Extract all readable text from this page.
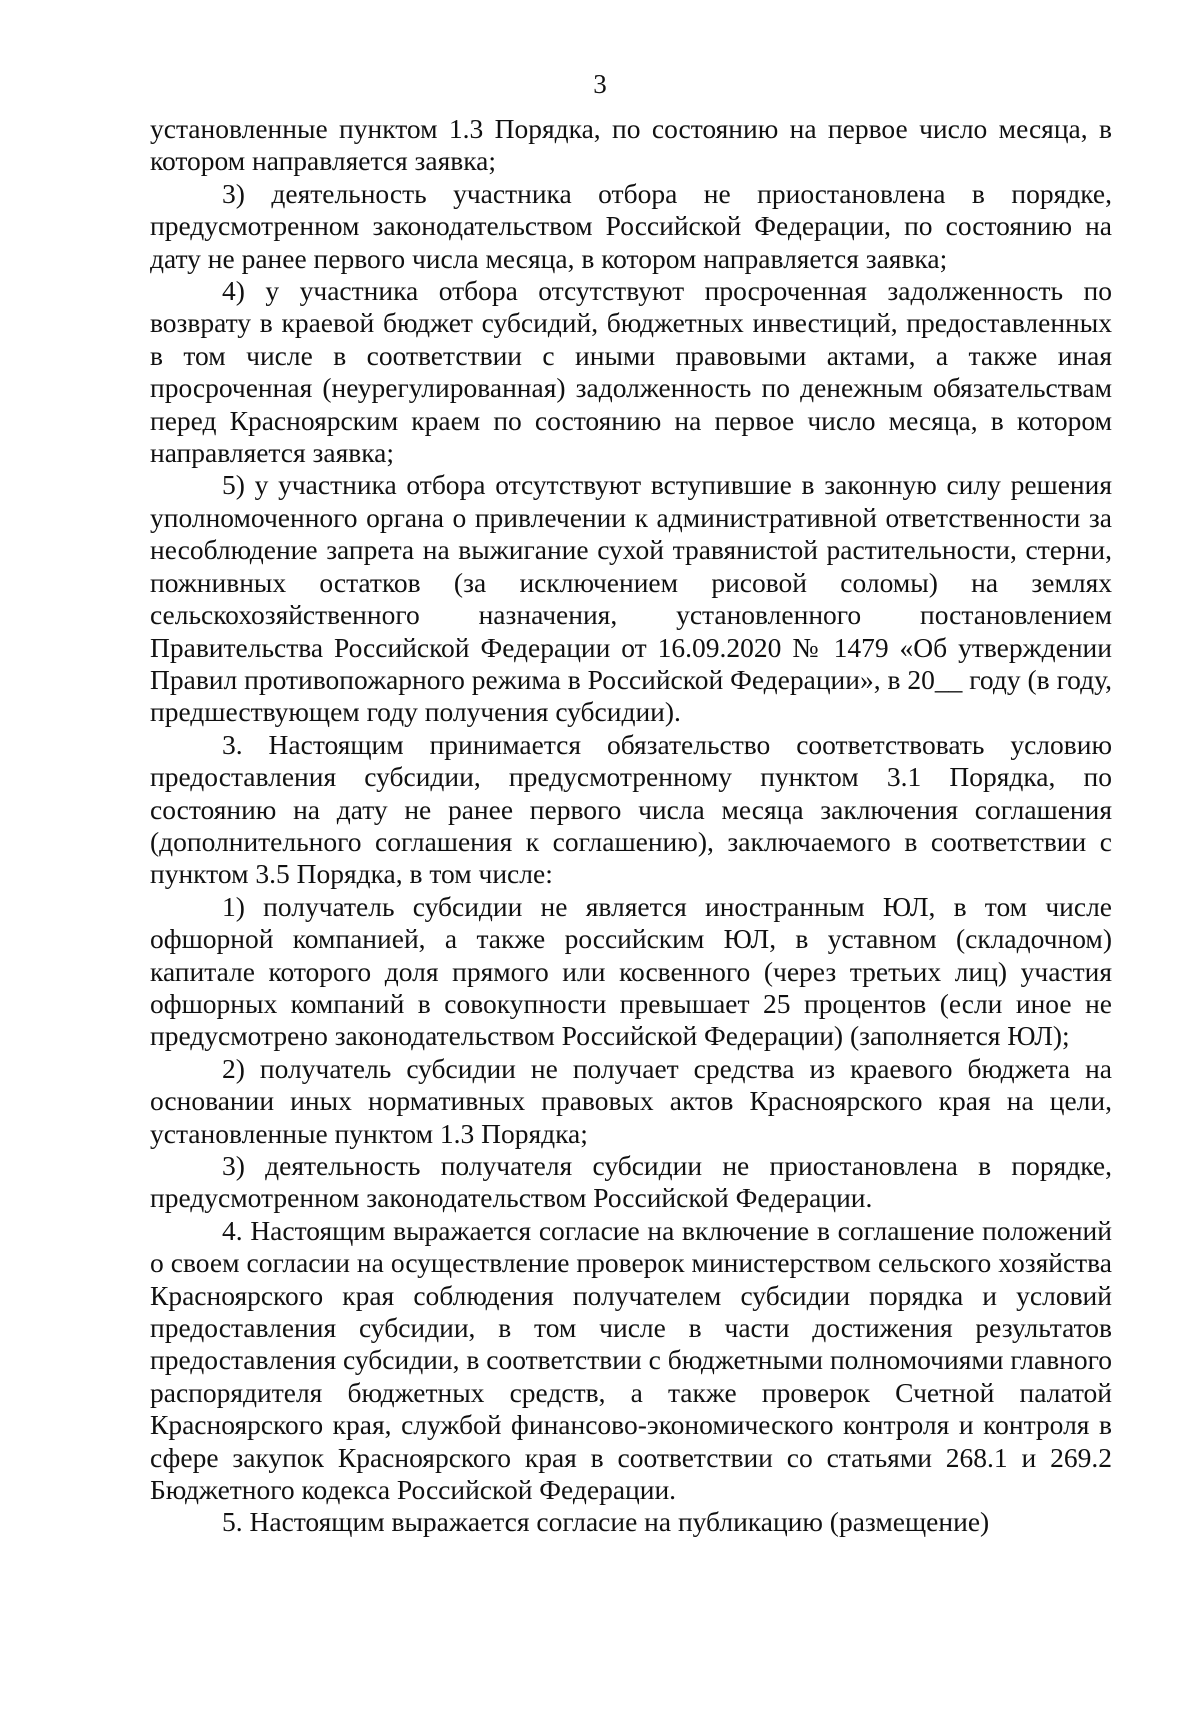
3

установленные пунктом 1.3 Порядка, по состоянию на первое число месяца, в котором направляется заявка;

3) деятельность участника отбора не приостановлена в порядке, предусмотренном законодательством Российской Федерации, по состоянию на дату не ранее первого числа месяца, в котором направляется заявка;

4) у участника отбора отсутствуют просроченная задолженность по возврату в краевой бюджет субсидий, бюджетных инвестиций, предоставленных в том числе в соответствии с иными правовыми актами, а также иная просроченная (неурегулированная) задолженность по денежным обязательствам перед Красноярским краем по состоянию на первое число месяца, в котором направляется заявка;

5) у участника отбора отсутствуют вступившие в законную силу решения уполномоченного органа о привлечении к административной ответственности за несоблюдение запрета на выжигание сухой травянистой растительности, стерни, пожнивных остатков (за исключением рисовой соломы) на землях сельскохозяйственного назначения, установленного постановлением Правительства Российской Федерации от 16.09.2020 № 1479 «Об утверждении Правил противопожарного режима в Российской Федерации», в 20__ году (в году, предшествующем году получения субсидии).

3. Настоящим принимается обязательство соответствовать условию предоставления субсидии, предусмотренному пунктом 3.1 Порядка, по состоянию на дату не ранее первого числа месяца заключения соглашения (дополнительного соглашения к соглашению), заключаемого в соответствии с пунктом 3.5 Порядка, в том числе:

1) получатель субсидии не является иностранным ЮЛ, в том числе офшорной компанией, а также российским ЮЛ, в уставном (складочном) капитале которого доля прямого или косвенного (через третьих лиц) участия офшорных компаний в совокупности превышает 25 процентов (если иное не предусмотрено законодательством Российской Федерации) (заполняется ЮЛ);

2) получатель субсидии не получает средства из краевого бюджета на основании иных нормативных правовых актов Красноярского края на цели, установленные пунктом 1.3 Порядка;

3) деятельность получателя субсидии не приостановлена в порядке, предусмотренном законодательством Российской Федерации.

4. Настоящим выражается согласие на включение в соглашение положений о своем согласии на осуществление проверок министерством сельского хозяйства Красноярского края соблюдения получателем субсидии порядка и условий предоставления субсидии, в том числе в части достижения результатов предоставления субсидии, в соответствии с бюджетными полномочиями главного распорядителя бюджетных средств, а также проверок Счетной палатой Красноярского края, службой финансово-экономического контроля и контроля в сфере закупок Красноярского края в соответствии со статьями 268.1 и 269.2 Бюджетного кодекса Российской Федерации.

5. Настоящим выражается согласие на публикацию (размещение)
